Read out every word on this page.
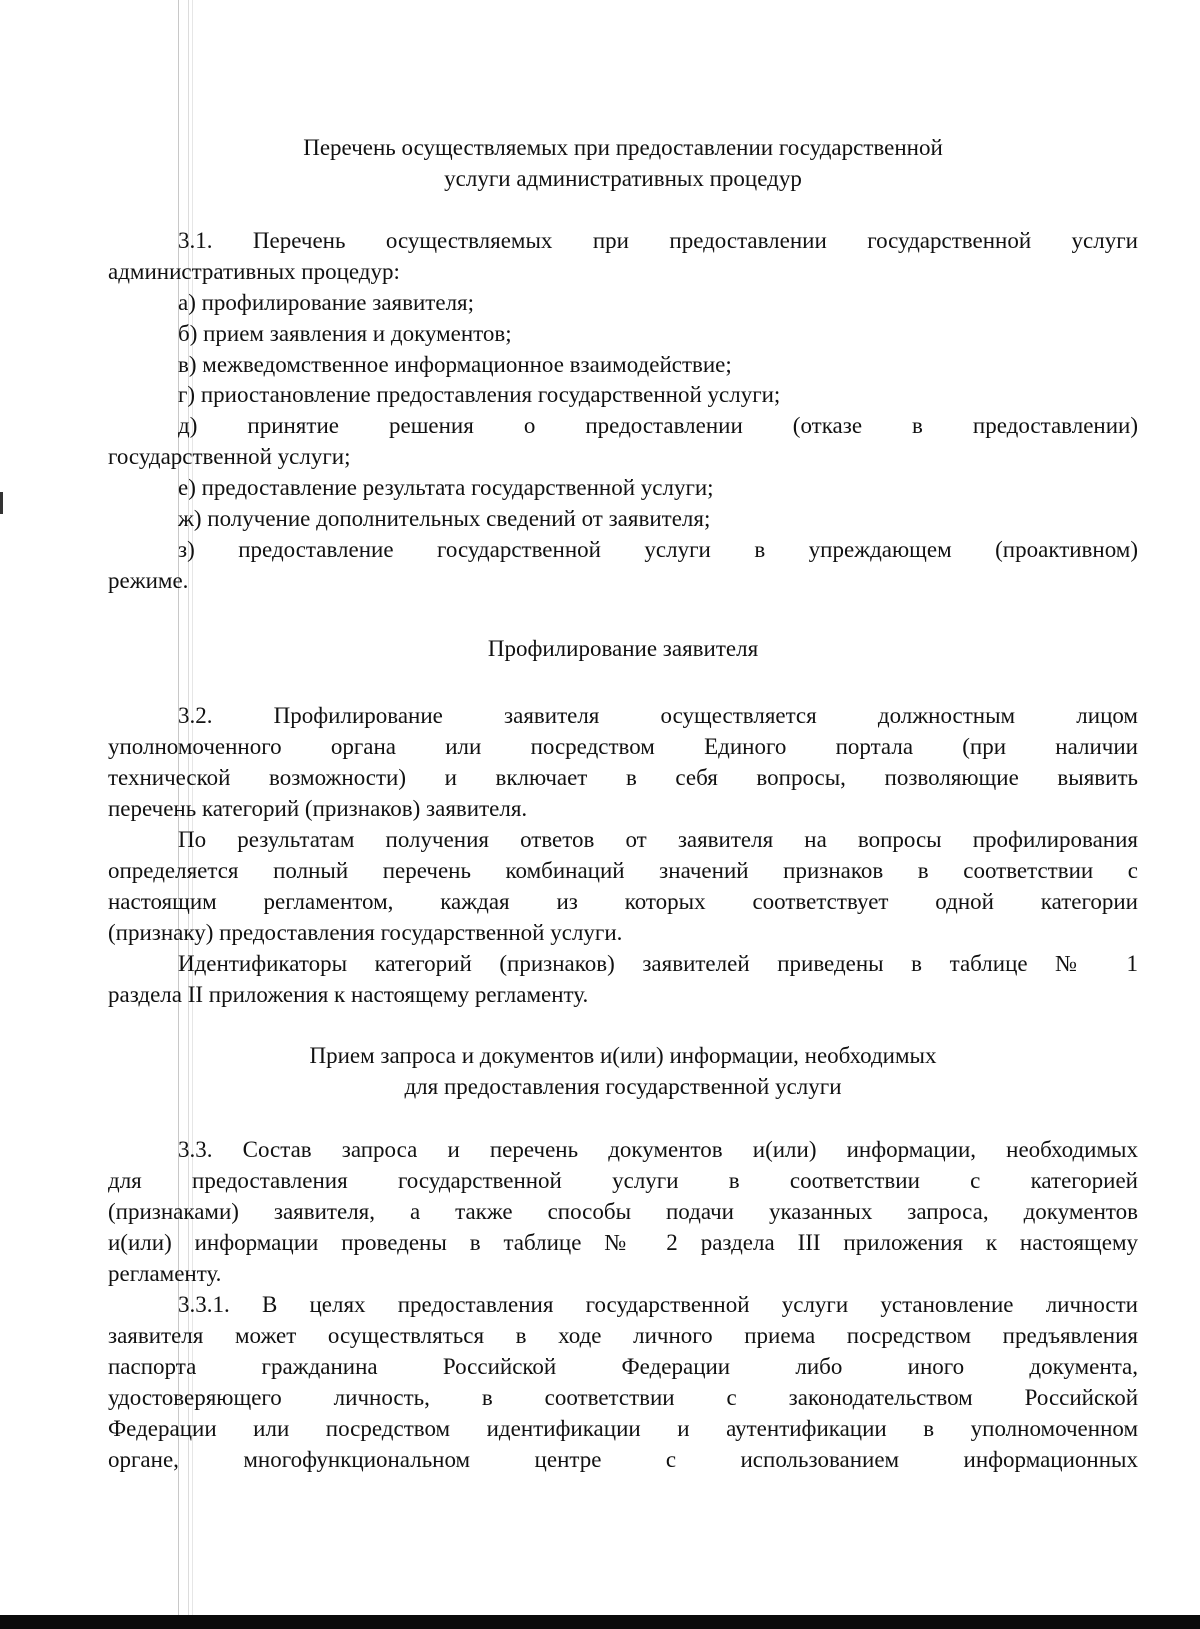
Перечень осуществляемых при предоставлении государственной
услуги административных процедур
3.1. Перечень осуществляемых при предоставлении государственной услуги
административных процедур:
а) профилирование заявителя;
б) прием заявления и документов;
в) межведомственное информационное взаимодействие;
г) приостановление предоставления государственной услуги;
д) принятие решения о предоставлении (отказе в предоставлении)
государственной услуги;
е) предоставление результата государственной услуги;
ж) получение дополнительных сведений от заявителя;
з) предоставление государственной услуги в упреждающем (проактивном)
режиме.
Профилирование заявителя
3.2. Профилирование заявителя осуществляется должностным лицом
уполномоченного органа или посредством Единого портала (при наличии
технической возможности) и включает в себя вопросы, позволяющие выявить
перечень категорий (признаков) заявителя.
По результатам получения ответов от заявителя на вопросы профилирования
определяется полный перечень комбинаций значений признаков в соответствии с
настоящим регламентом, каждая из которых соответствует одной категории
(признаку) предоставления государственной услуги.
Идентификаторы категорий (признаков) заявителей приведены в таблице № 1
раздела II приложения к настоящему регламенту.
Прием запроса и документов и(или) информации, необходимых
для предоставления государственной услуги
3.3. Состав запроса и перечень документов и(или) информации, необходимых
для предоставления государственной услуги в соответствии с категорией
(признаками) заявителя, а также способы подачи указанных запроса, документов
и(или) информации проведены в таблице № 2 раздела III приложения к настоящему
регламенту.
3.3.1. В целях предоставления государственной услуги установление личности
заявителя может осуществляться в ходе личного приема посредством предъявления
паспорта гражданина Российской Федерации либо иного документа,
удостоверяющего личность, в соответствии с законодательством Российской
Федерации или посредством идентификации и аутентификации в уполномоченном
органе, многофункциональном центре с использованием информационных
